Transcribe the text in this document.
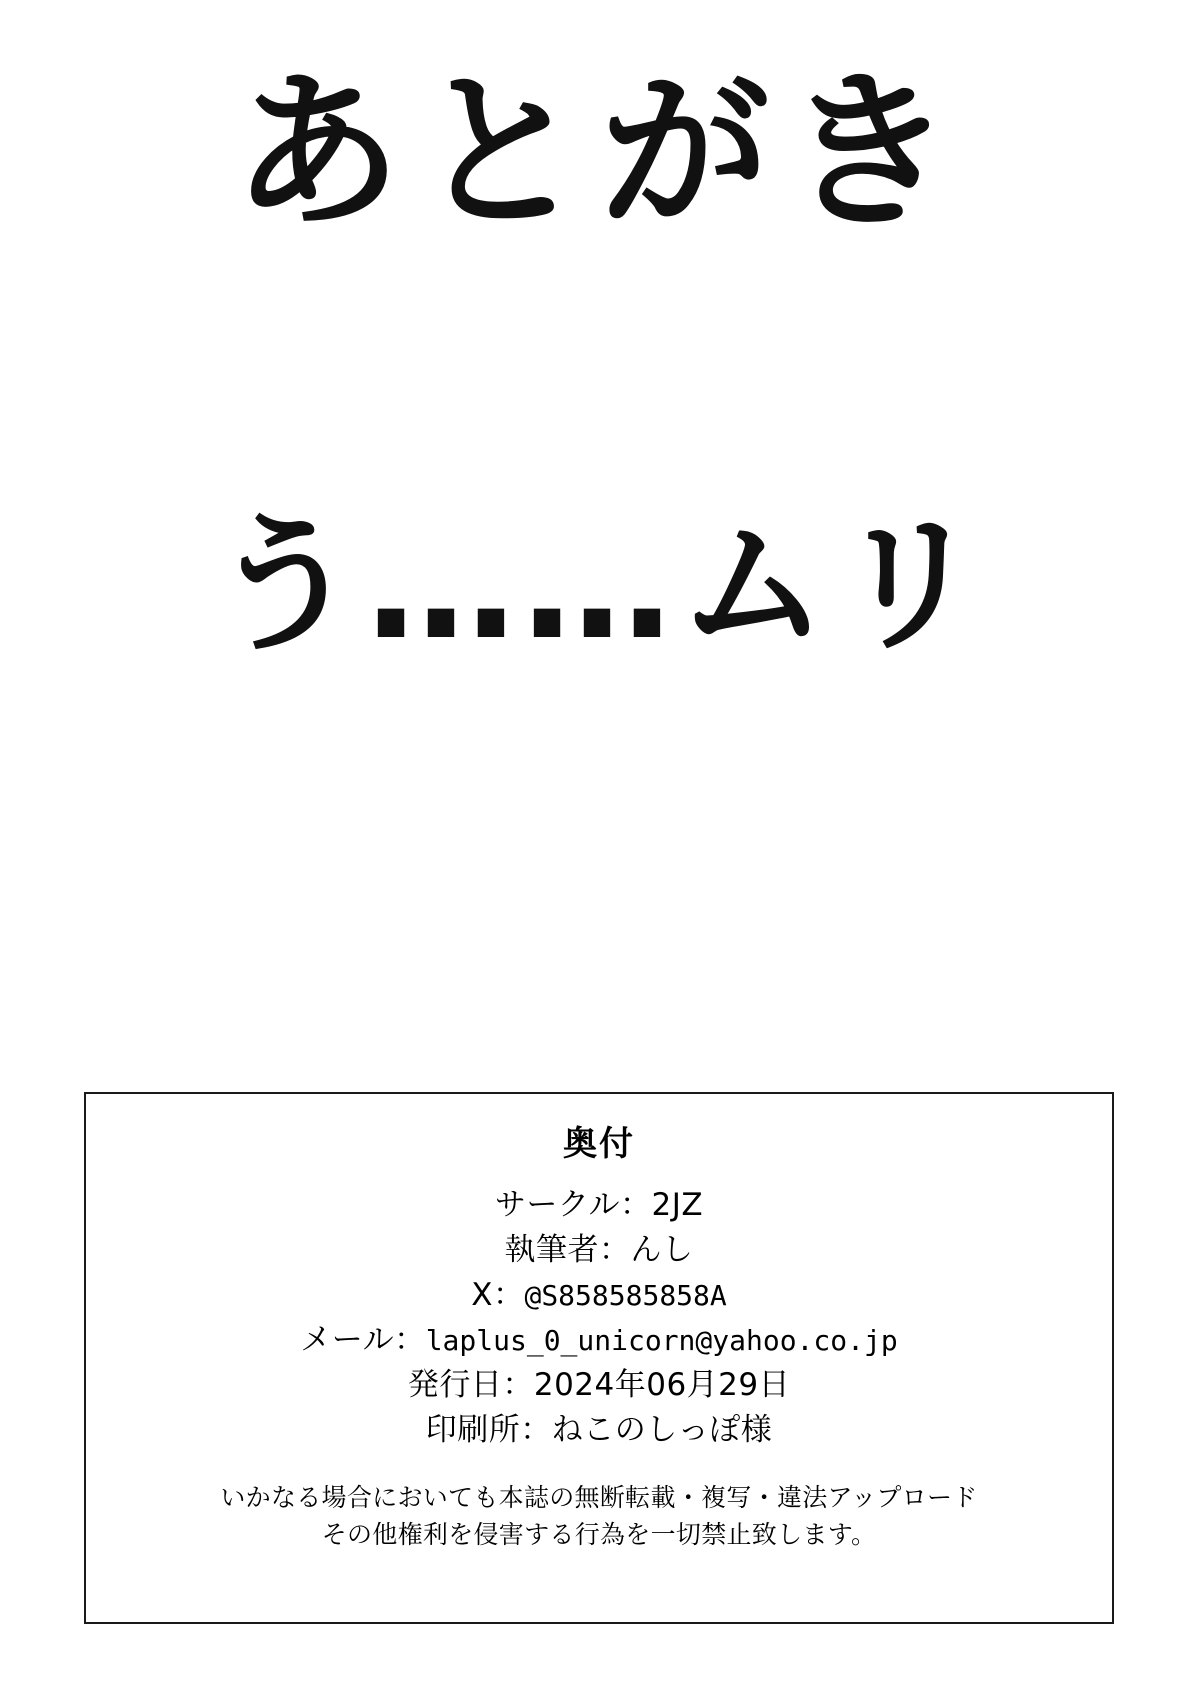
あとがき
う……ムリ
奥付
サークル：2JZ
執筆者：んし
X：@S858585858A
メール：laplus_0_unicorn@yahoo.co.jp
発行日：2024年06月29日
印刷所：ねこのしっぽ様
いかなる場合においても本誌の無断転載・複写・違法アップロード
その他権利を侵害する行為を一切禁止致します。
